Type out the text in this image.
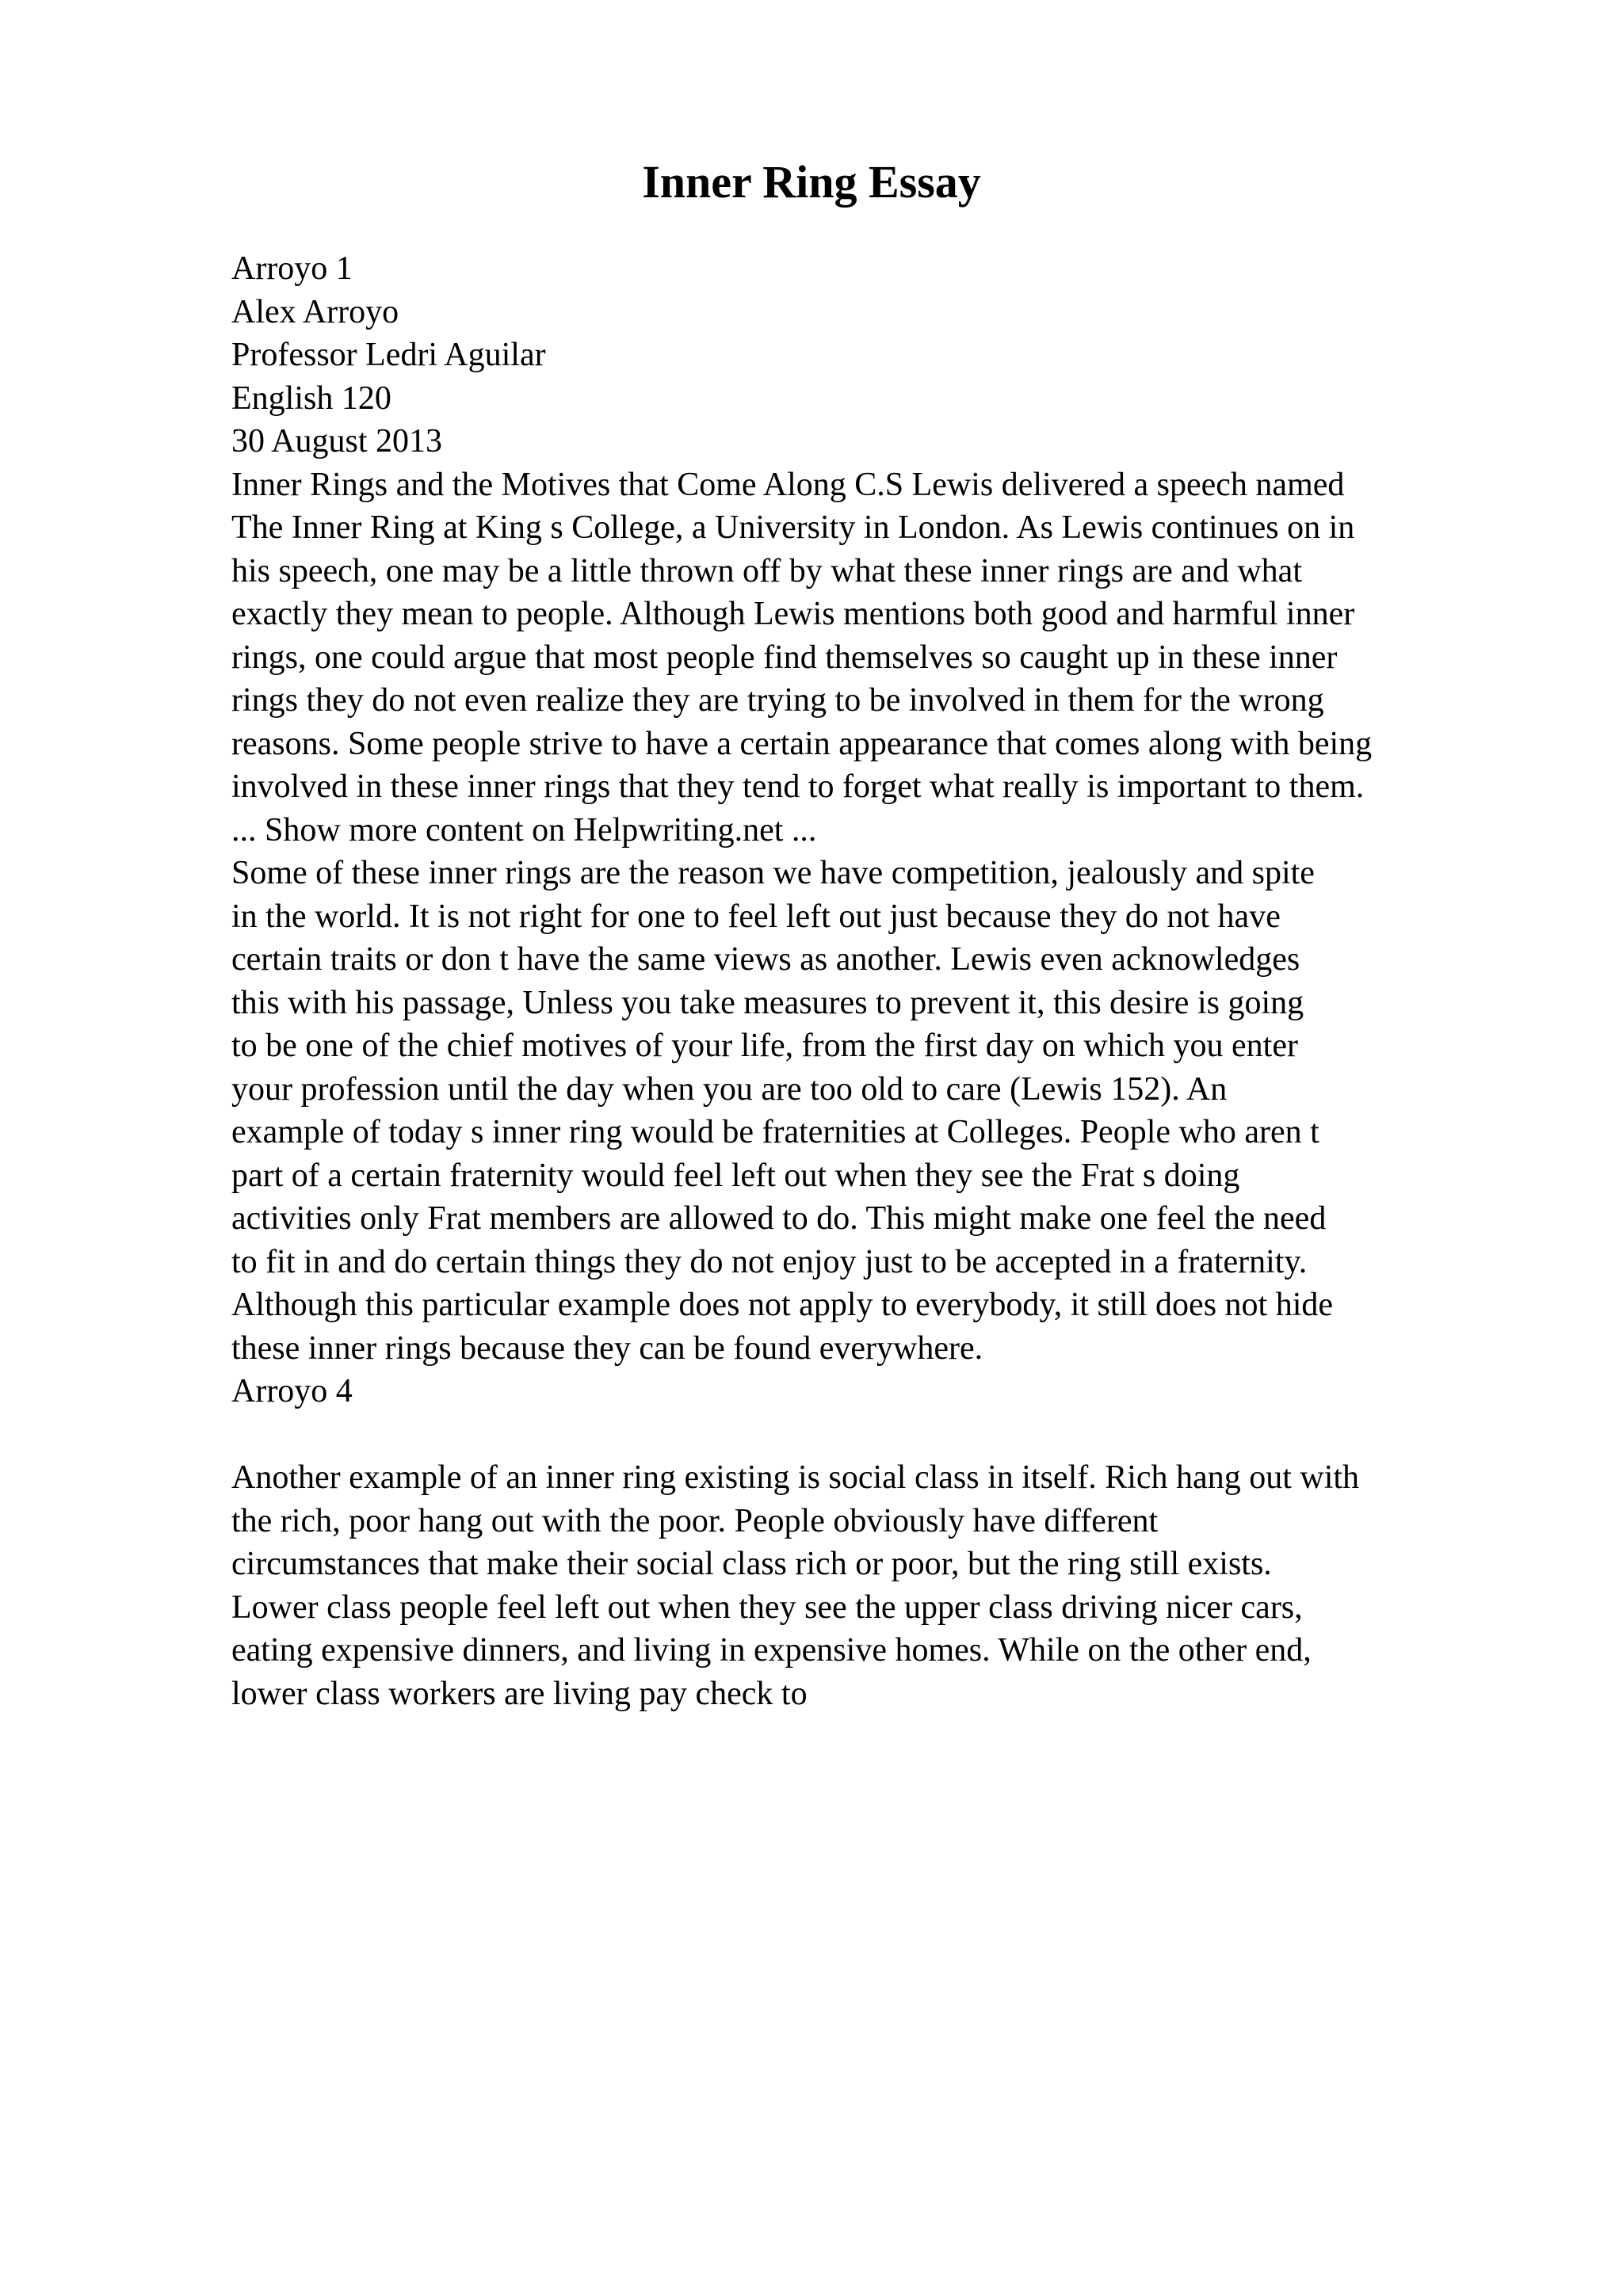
Inner Ring Essay
Arroyo 1
Alex Arroyo
Professor Ledri Aguilar
English 120
30 August 2013
Inner Rings and the Motives that Come Along C.S Lewis delivered a speech named
The Inner Ring at King s College, a University in London. As Lewis continues on in
his speech, one may be a little thrown off by what these inner rings are and what
exactly they mean to people. Although Lewis mentions both good and harmful inner
rings, one could argue that most people find themselves so caught up in these inner
rings they do not even realize they are trying to be involved in them for the wrong
reasons. Some people strive to have a certain appearance that comes along with being
involved in these inner rings that they tend to forget what really is important to them.
... Show more content on Helpwriting.net ...
Some of these inner rings are the reason we have competition, jealously and spite
in the world. It is not right for one to feel left out just because they do not have
certain traits or don t have the same views as another. Lewis even acknowledges
this with his passage, Unless you take measures to prevent it, this desire is going
to be one of the chief motives of your life, from the first day on which you enter
your profession until the day when you are too old to care (Lewis 152). An
example of today s inner ring would be fraternities at Colleges. People who aren t
part of a certain fraternity would feel left out when they see the Frat s doing
activities only Frat members are allowed to do. This might make one feel the need
to fit in and do certain things they do not enjoy just to be accepted in a fraternity.
Although this particular example does not apply to everybody, it still does not hide
these inner rings because they can be found everywhere.
Arroyo 4
Another example of an inner ring existing is social class in itself. Rich hang out with
the rich, poor hang out with the poor. People obviously have different
circumstances that make their social class rich or poor, but the ring still exists.
Lower class people feel left out when they see the upper class driving nicer cars,
eating expensive dinners, and living in expensive homes. While on the other end,
lower class workers are living pay check to
